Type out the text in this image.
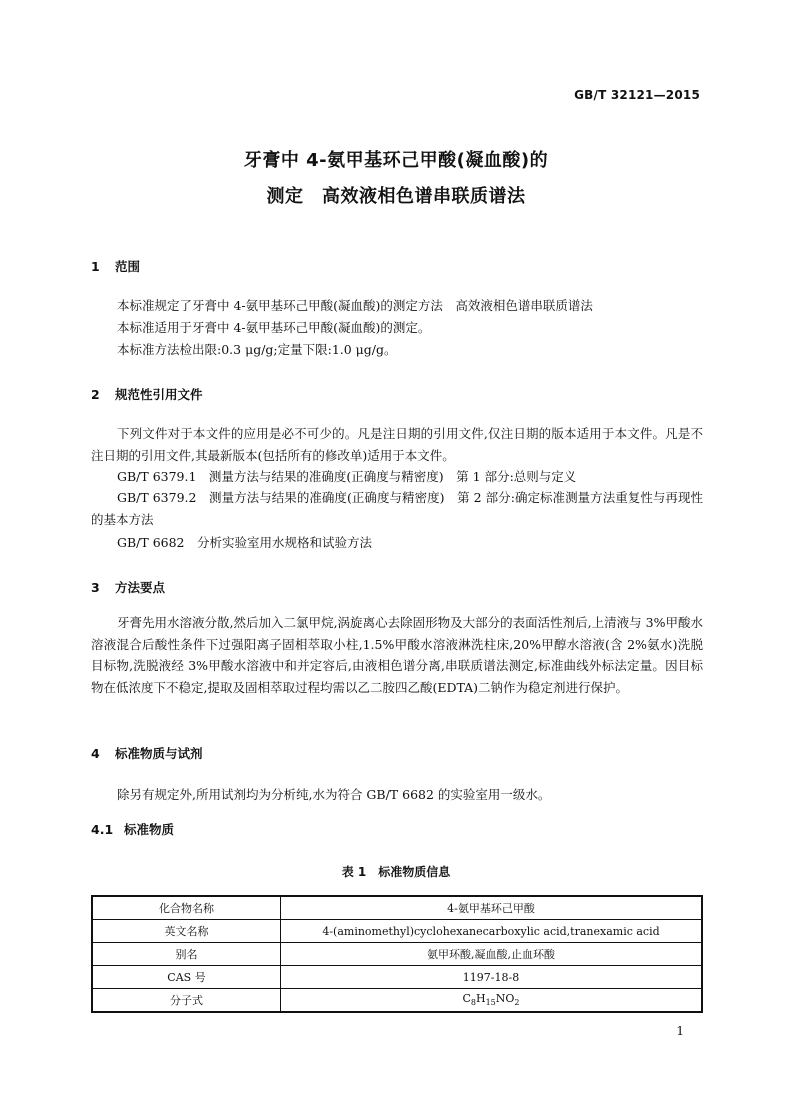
GB/T 32121—2015
牙膏中 4-氨甲基环己甲酸(凝血酸)的
测定　高效液相色谱串联质谱法
1 范围
本标准规定了牙膏中 4-氨甲基环己甲酸(凝血酸)的测定方法　高效液相色谱串联质谱法
本标准适用于牙膏中 4-氨甲基环己甲酸(凝血酸)的测定。
本标准方法检出限:0.3 μg/g;定量下限:1.0 μg/g。
2 规范性引用文件
下列文件对于本文件的应用是必不可少的。凡是注日期的引用文件,仅注日期的版本适用于本文件。凡是不注日期的引用文件,其最新版本(包括所有的修改单)适用于本文件。
GB/T 6379.1　测量方法与结果的准确度(正确度与精密度)　第 1 部分:总则与定义
GB/T 6379.2　测量方法与结果的准确度(正确度与精密度)　第 2 部分:确定标准测量方法重复性与再现性的基本方法
GB/T 6682　分析实验室用水规格和试验方法
3 方法要点
牙膏先用水溶液分散,然后加入二氯甲烷,涡旋离心去除固形物及大部分的表面活性剂后,上清液与 3%甲酸水溶液混合后酸性条件下过强阳离子固相萃取小柱,1.5%甲酸水溶液淋洗柱床,20%甲醇水溶液(含 2%氨水)洗脱目标物,洗脱液经 3%甲酸水溶液中和并定容后,由液相色谱分离,串联质谱法测定,标准曲线外标法定量。因目标物在低浓度下不稳定,提取及固相萃取过程均需以乙二胺四乙酸(EDTA)二钠作为稳定剂进行保护。
4 标准物质与试剂
除另有规定外,所用试剂均为分析纯,水为符合 GB/T 6682 的实验室用一级水。
4.1 标准物质
表 1　标准物质信息
化合物名称	4-氨甲基环己甲酸
英文名称	4-(aminomethyl)cyclohexanecarboxylic acid,tranexamic acid
别名	氨甲环酸,凝血酸,止血环酸
CAS 号	1197-18-8
分子式	$C_8H_{15}NO_2$
1
